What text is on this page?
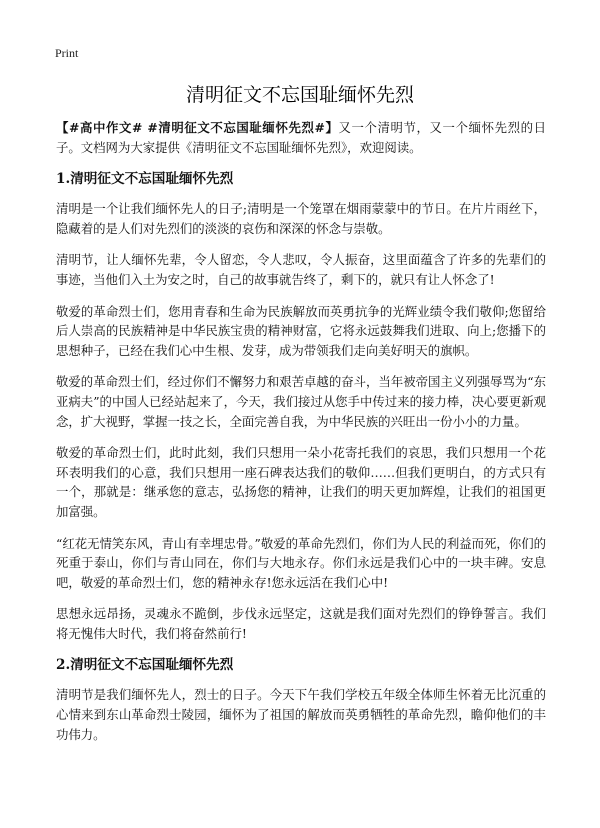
Print
清明征文不忘国耻缅怀先烈

【#高中作文# #清明征文不忘国耻缅怀先烈#】又一个清明节，又一个缅怀先烈的日子。文档网为大家提供《清明征文不忘国耻缅怀先烈》，欢迎阅读。

1.清明征文不忘国耻缅怀先烈

清明是一个让我们缅怀先人的日子;清明是一个笼罩在烟雨蒙蒙中的节日。在片片雨丝下，隐藏着的是人们对先烈们的淡淡的哀伤和深深的怀念与崇敬。

清明节，让人缅怀先辈，令人留恋，令人悲叹，令人振奋，这里面蕴含了许多的先辈们的事迹，当他们入土为安之时，自己的故事就告终了，剩下的，就只有让人怀念了!

敬爱的革命烈士们，您用青春和生命为民族解放而英勇抗争的光辉业绩令我们敬仰;您留给后人崇高的民族精神是中华民族宝贵的精神财富，它将永远鼓舞我们进取、向上;您播下的思想种子，已经在我们心中生根、发芽，成为带领我们走向美好明天的旗帜。

敬爱的革命烈士们，经过你们不懈努力和艰苦卓越的奋斗，当年被帝国主义列强辱骂为“东亚病夫”的中国人已经站起来了，今天，我们接过从您手中传过来的接力棒，决心要更新观念，扩大视野，掌握一技之长，全面完善自我，为中华民族的兴旺出一份小小的力量。

敬爱的革命烈士们，此时此刻，我们只想用一朵小花寄托我们的哀思，我们只想用一个花环表明我们的心意，我们只想用一座石碑表达我们的敬仰……但我们更明白，的方式只有一个，那就是：继承您的意志，弘扬您的精神，让我们的明天更加辉煌，让我们的祖国更加富强。

“红花无情笑东风，青山有幸埋忠骨。”敬爱的革命先烈们，你们为人民的利益而死，你们的死重于泰山，你们与青山同在，你们与大地永存。你们永远是我们心中的一块丰碑。安息吧，敬爱的革命烈士们，您的精神永存!您永远活在我们心中!

思想永远昂扬，灵魂永不跪倒，步伐永远坚定，这就是我们面对先烈们的铮铮誓言。我们将无愧伟大时代，我们将奋然前行!

2.清明征文不忘国耻缅怀先烈

清明节是我们缅怀先人，烈士的日子。今天下午我们学校五年级全体师生怀着无比沉重的心情来到东山革命烈士陵园，缅怀为了祖国的解放而英勇牺牲的革命先烈，瞻仰他们的丰功伟力。
